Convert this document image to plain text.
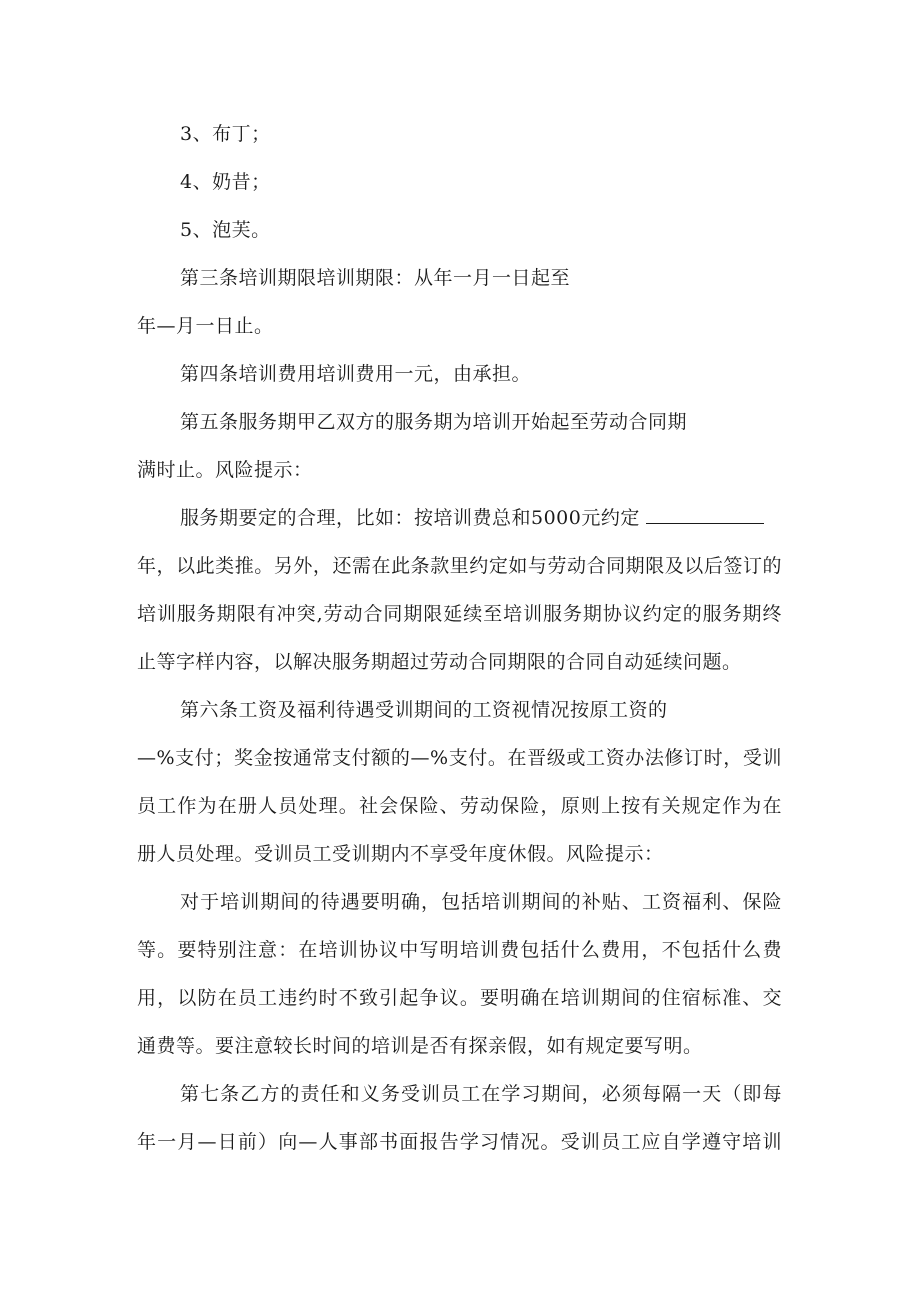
3、布丁；
4、奶昔；
5、泡芙。
第三条培训期限培训期限：从年一月一日起至
年—月一日止。
第四条培训费用培训费用一元，由承担。
第五条服务期甲乙双方的服务期为培训开始起至劳动合同期
满时止。风险提示：
服务期要定的合理，比如：按培训费总和5000元约定
年，以此类推。另外，还需在此条款里约定如与劳动合同期限及以后签订的
培训服务期限有冲突,劳动合同期限延续至培训服务期协议约定的服务期终
止等字样内容，以解决服务期超过劳动合同期限的合同自动延续问题。
第六条工资及福利待遇受训期间的工资视情况按原工资的
—%支付；奖金按通常支付额的—%支付。在晋级或工资办法修订时，受训
员工作为在册人员处理。社会保险、劳动保险，原则上按有关规定作为在
册人员处理。受训员工受训期内不享受年度休假。风险提示：
对于培训期间的待遇要明确，包括培训期间的补贴、工资福利、保险
等。要特别注意：在培训协议中写明培训费包括什么费用，不包括什么费
用，以防在员工违约时不致引起争议。要明确在培训期间的住宿标准、交
通费等。要注意较长时间的培训是否有探亲假，如有规定要写明。
第七条乙方的责任和义务受训员工在学习期间，必须每隔一天（即每
年一月—日前）向—人事部书面报告学习情况。受训员工应自学遵守培训
